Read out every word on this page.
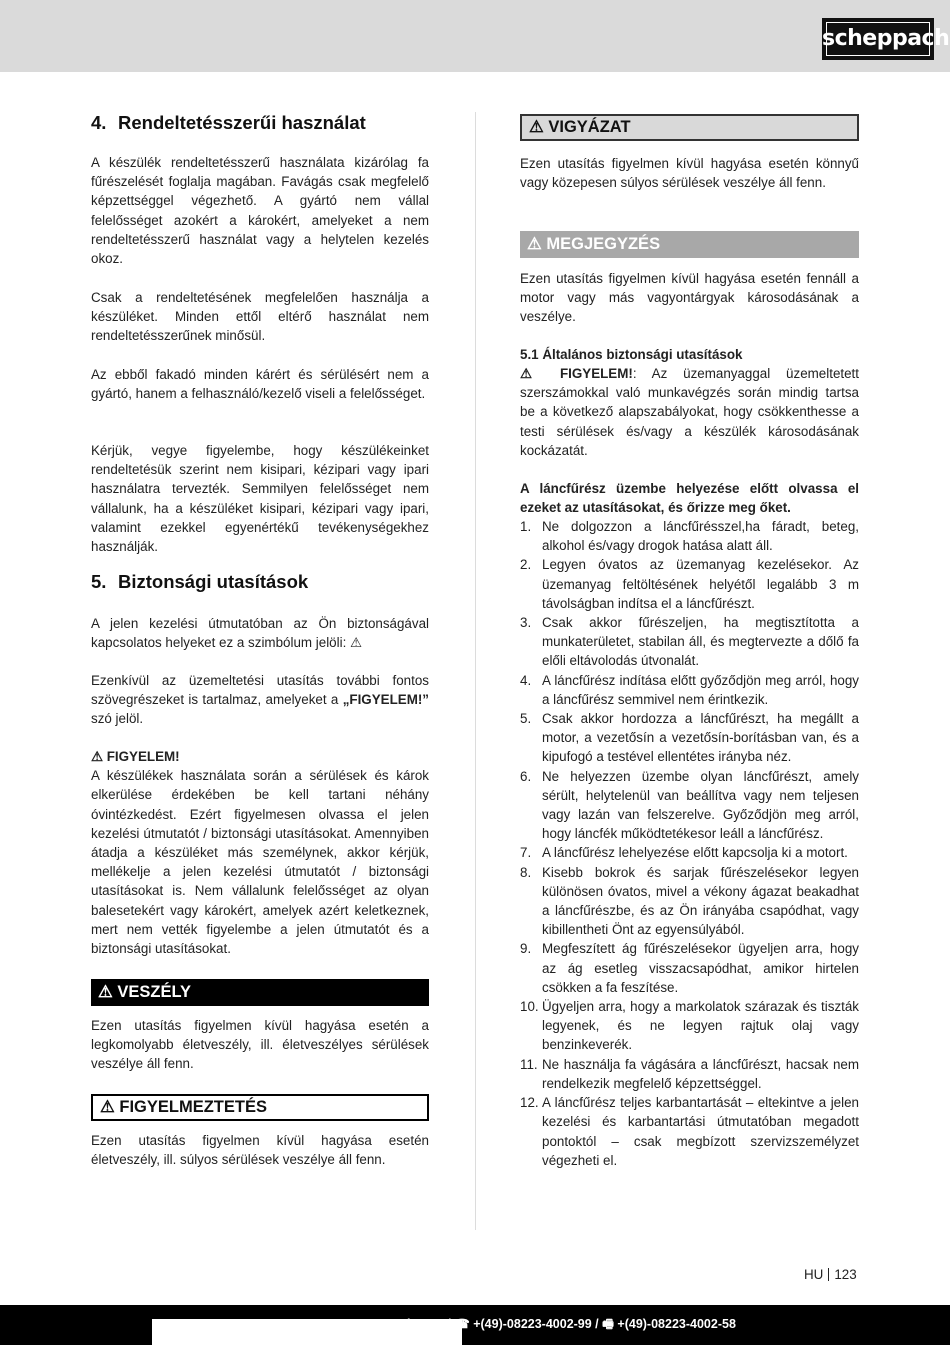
scheppach
4. Rendeltetésszerűi használat

A készülék rendeltetésszerű használata kizárólag fa fűrészelését foglalja magában. Favágás csak megfelelő képzettséggel végezhető. A gyártó nem vállal felelősséget azokért a károkért, amelyeket a nem rendeltetésszerű használat vagy a helytelen kezelés okoz.

Csak a rendeltetésének megfelelően használja a készüléket. Minden ettől eltérő használat nem rendeltetésszerűnek minősül.

Az ebből fakadó minden kárért és sérülésért nem a gyártó, hanem a felhasználó/kezelő viseli a felelősséget.

Kérjük, vegye figyelembe, hogy készülékeinket rendeltetésük szerint nem kisipari, kézipari vagy ipari használatra tervezték. Semmilyen felelősséget nem vállalunk, ha a készüléket kisipari, kézipari vagy ipari, valamint ezekkel egyenértékű tevékenységekhez használják.

5. Biztonsági utasítások

A jelen kezelési útmutatóban az Ön biztonságával kapcsolatos helyeket ez a szimbólum jelöli: ⚠

Ezenkívül az üzemeltetési utasítás további fontos szövegrészeket is tartalmaz, amelyeket a „FIGYELEM!” szó jelöl.

⚠ FIGYELEM!

A készülékek használata során a sérülések és károk elkerülése érdekében be kell tartani néhány óvintézkedést. Ezért figyelmesen olvassa el jelen kezelési útmutatót / biztonsági utasításokat. Amennyiben átadja a készüléket más személynek, akkor kérjük, mellékelje a jelen kezelési útmutatót / biztonsági utasításokat is. Nem vállalunk felelősséget az olyan balesetekért vagy károkért, amelyek azért keletkeznek, mert nem vették figyelembe a jelen útmutatót és a biztonsági utasításokat.

⚠ VESZÉLY

Ezen utasítás figyelmen kívül hagyása esetén a legkomolyabb életveszély, ill. életveszélyes sérülések veszélye áll fenn.

⚠ FIGYELMEZTETÉS

Ezen utasítás figyelmen kívül hagyása esetén életveszély, ill. súlyos sérülések veszélye áll fenn.

⚠ VIGYÁZAT

Ezen utasítás figyelmen kívül hagyása esetén könnyű vagy közepesen súlyos sérülések veszélye áll fenn.

⚠ MEGJEGYZÉS

Ezen utasítás figyelmen kívül hagyása esetén fennáll a motor vagy más vagyontárgyak károsodásának a veszélye.

5.1 Általános biztonsági utasítások

⚠ FIGYELEM!: Az üzemanyaggal üzemeltetett szerszámokkal való munkavégzés során mindig tartsa be a következő alapszabályokat, hogy csökkenthesse a testi sérülések és/vagy a készülék károsodásának kockázatát.

A láncfűrész üzembe helyezése előtt olvassa el ezeket az utasításokat, és őrizze meg őket.

1. Ne dolgozzon a láncfűrésszel,ha fáradt, beteg, alkohol és/vagy drogok hatása alatt áll.
2. Legyen óvatos az üzemanyag kezelésekor. Az üzemanyag feltöltésének helyétől legalább 3 m távolságban indítsa el a láncfűrészt.
3. Csak akkor fűrészeljen, ha megtisztította a munkaterületet, stabilan áll, és megtervezte a dőlő fa előli eltávolodás útvonalát.
4. A láncfűrész indítása előtt győződjön meg arról, hogy a láncfűrész semmivel nem érintkezik.
5. Csak akkor hordozza a láncfűrészt, ha megállt a motor, a vezetősín a vezetősín-borításban van, és a kipufogó a testével ellentétes irányba néz.
6. Ne helyezzen üzembe olyan láncfűrészt, amely sérült, helytelenül van beállítva vagy nem teljesen vagy lazán van felszerelve. Győződjön meg arról, hogy láncfék működtetékesor leáll a láncfűrész.
7. A láncfűrész lehelyezése előtt kapcsolja ki a motort.
8. Kisebb bokrok és sarjak fűrészelésekor legyen különösen óvatos, mivel a vékony ágazat beakadhat a láncfűrészbe, és az Ön irányába csapódhat, vagy kibillentheti Önt az egyensúlyából.
9. Megfeszített ág fűrészelésekor ügyeljen arra, hogy az ág esetleg visszacsapódhat, amikor hirtelen csökken a fa feszítése.
10. Ügyeljen arra, hogy a markolatok szárazak és tiszták legyenek, és ne legyen rajtuk olaj vagy benzinkeverék.
11. Ne használja fa vágására a láncfűrészt, hacsak nem rendelkezik megfelelő képzettséggel.
12. A láncfűrész teljes karbantartását – eltekintve a jelen kezelési és karbantartási útmutatóban megadott pontoktól – csak megbízott szervizszemélyzet végezheti el.
HU 123
ch.com / ☎ +(49)-08223-4002-99 / 🖷 +(49)-08223-4002-58
